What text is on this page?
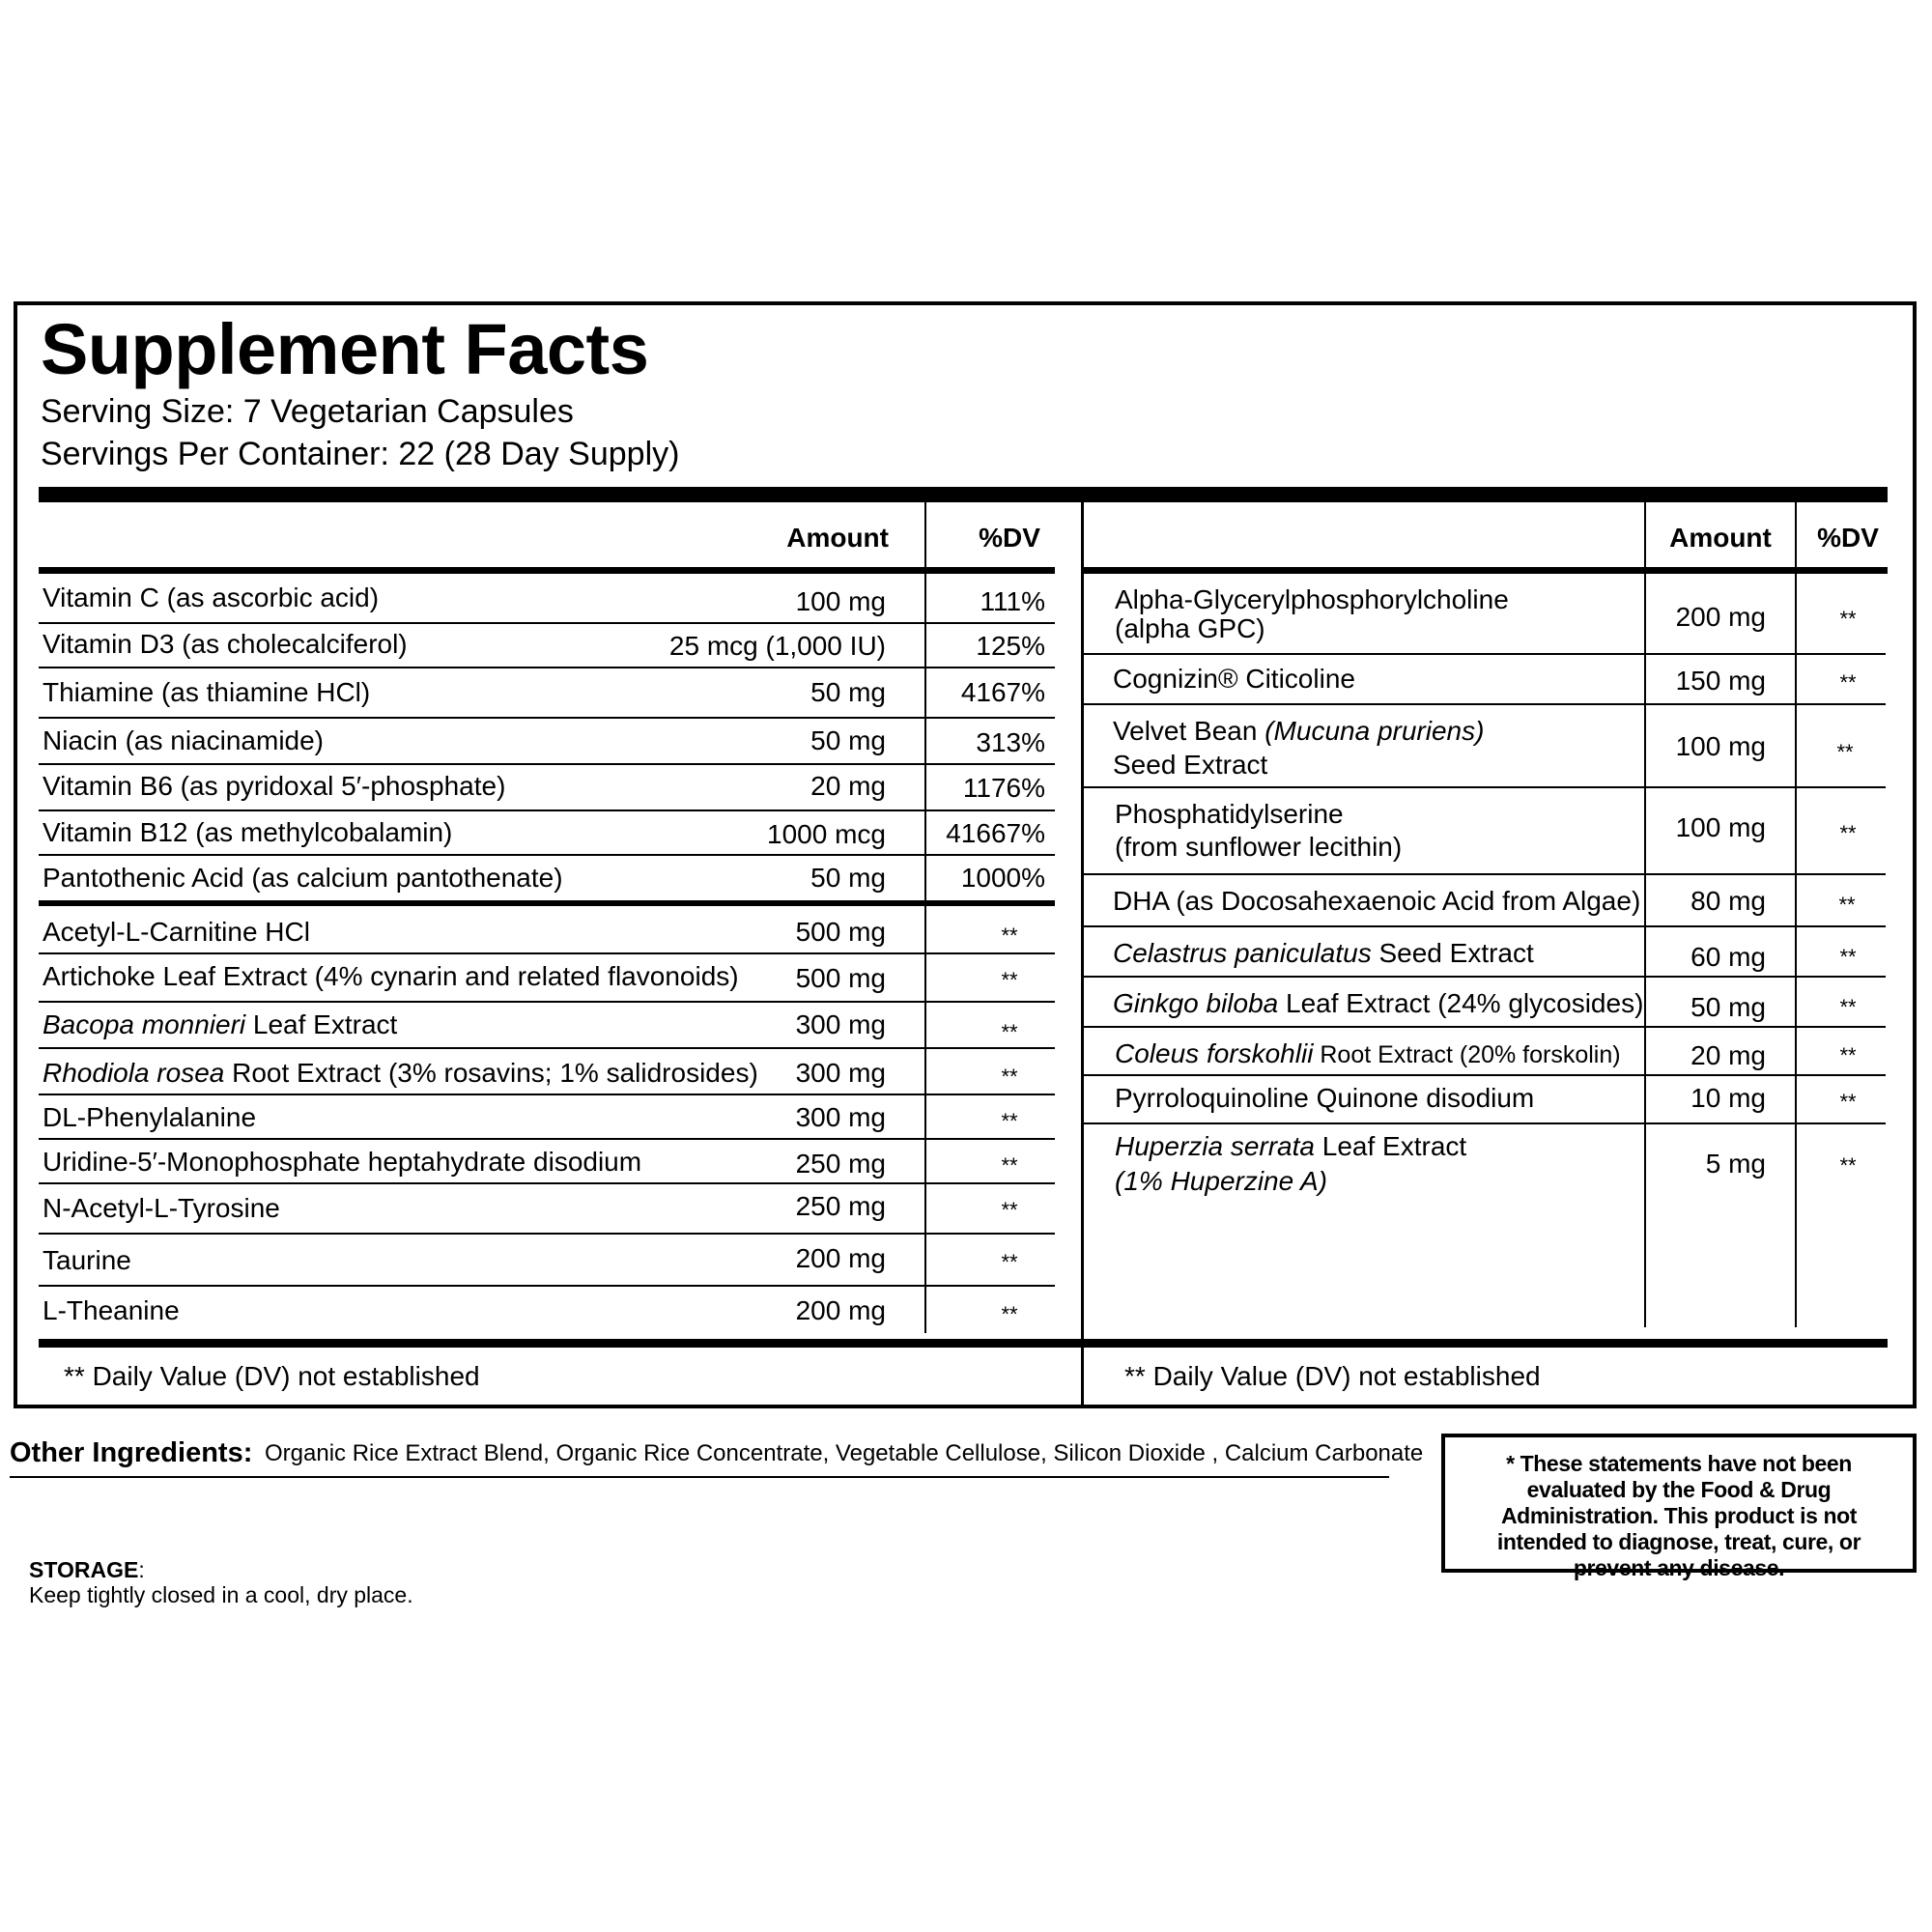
Supplement Facts
Serving Size: 7 Vegetarian Capsules
Servings Per Container: 22 (28 Day Supply)
Amount	%DV	Amount	%DV
Vitamin C (as ascorbic acid)	100 mg	111%
Vitamin D3 (as cholecalciferol)	25 mcg (1,000 IU)	125%
Thiamine (as thiamine HCl)	50 mg	4167%
Niacin (as niacinamide)	50 mg	313%
Vitamin B6 (as pyridoxal 5′-phosphate)	20 mg	1176%
Vitamin B12 (as methylcobalamin)	1000 mcg	41667%
Pantothenic Acid (as calcium pantothenate)	50 mg	1000%
Acetyl-L-Carnitine HCl	500 mg	**
Artichoke Leaf Extract (4% cynarin and related flavonoids)	500 mg	**
Bacopa monnieri Leaf Extract	300 mg	**
Rhodiola rosea Root Extract (3% rosavins; 1% salidrosides)	300 mg	**
DL-Phenylalanine	300 mg	**
Uridine-5′-Monophosphate heptahydrate disodium	250 mg	**
N-Acetyl-L-Tyrosine	250 mg	**
Taurine	200 mg	**
L-Theanine	200 mg	**
Alpha-Glycerylphosphorylcholine
(alpha GPC)	200 mg	**
Cognizin® Citicoline	150 mg	**
Velvet Bean (Mucuna pruriens)
Seed Extract
100 mg	**
Phosphatidylserine
(from sunflower lecithin)
100 mg	**
DHA (as Docosahexaenoic Acid from Algae)	80 mg	**
Celastrus paniculatus Seed Extract	60 mg	**
Ginkgo biloba Leaf Extract (24% glycosides)	50 mg	**
Coleus forskohlii Root Extract (20% forskolin)	20 mg	**
Pyrroloquinoline Quinone disodium	10 mg	**
Huperzia serrata Leaf Extract
(1% Huperzine A)
5 mg	**
** Daily Value (DV) not established	** Daily Value (DV) not established
Other Ingredients: Organic Rice Extract Blend, Organic Rice Concentrate, Vegetable Cellulose, Silicon Dioxide , Calcium Carbonate	* These statements have not been evaluated by the Food & Drug Administration. This product is not intended to diagnose, treat, cure, or prevent any disease.
STORAGE:
Keep tightly closed in a cool, dry place.
